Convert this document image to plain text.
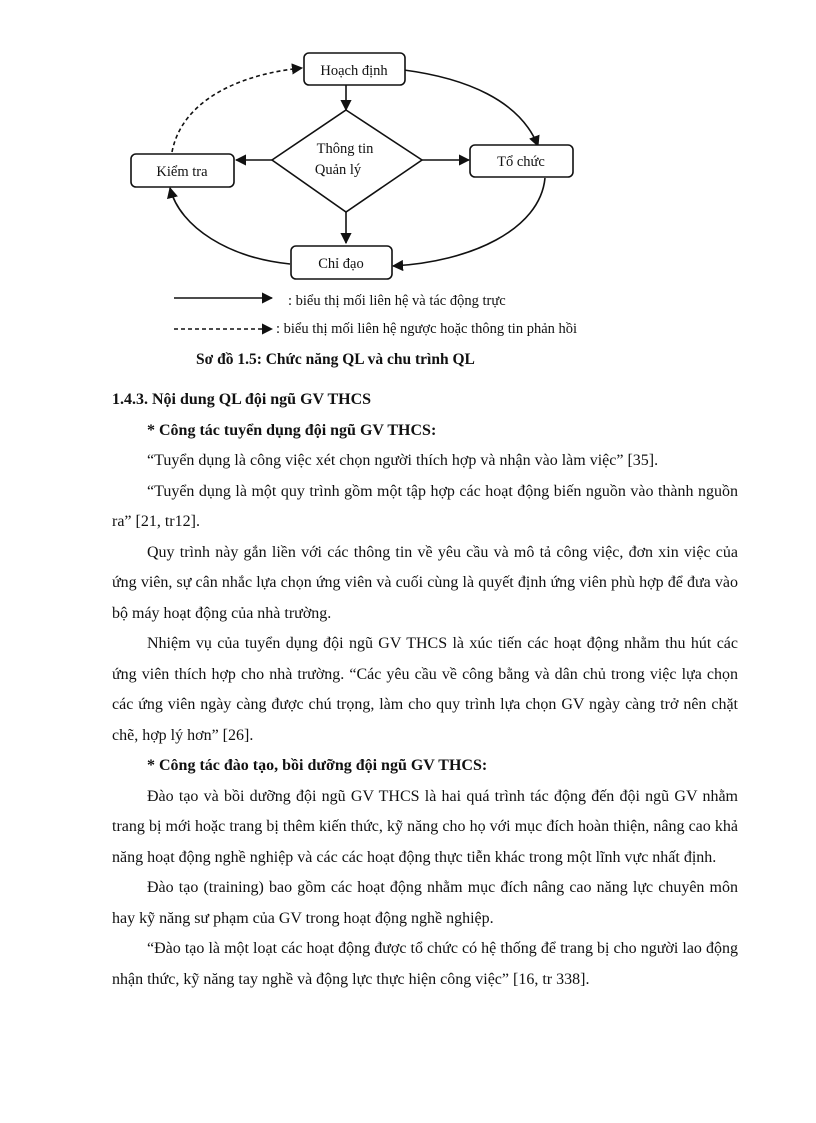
Hoạch định
Tổ chức
Kiểm tra
Chỉ đạo
Thông tin
Quản lý
: biểu thị mối liên hệ và tác động trực
: biểu thị mối liên hệ ngược hoặc thông tin phản hồi
Sơ đồ 1.5: Chức năng QL và chu trình QL

1.4.3. Nội dung QL đội ngũ GV THCS

* Công tác tuyển dụng đội ngũ GV THCS:

“Tuyển dụng là công việc xét chọn người thích hợp và nhận vào làm việc” [35].

“Tuyển dụng là một quy trình gồm một tập hợp các hoạt động biến nguồn vào thành nguồn ra” [21, tr12].

Quy trình này gắn liền với các thông tin về yêu cầu và mô tả công việc, đơn xin việc của ứng viên, sự cân nhắc lựa chọn ứng viên và cuối cùng là quyết định ứng viên phù hợp để đưa vào bộ máy hoạt động của nhà trường.

Nhiệm vụ của tuyển dụng đội ngũ GV THCS là xúc tiến các hoạt động nhằm thu hút các ứng viên thích hợp cho nhà trường. “Các yêu cầu về công bằng và dân chủ trong việc lựa chọn các ứng viên ngày càng được chú trọng, làm cho quy trình lựa chọn GV ngày càng trở nên chặt chẽ, hợp lý hơn” [26].

* Công tác đào tạo, bồi dưỡng đội ngũ GV THCS:

Đào tạo và bồi dưỡng đội ngũ GV THCS là hai quá trình tác động đến đội ngũ GV nhằm trang bị mới hoặc trang bị thêm kiến thức, kỹ năng cho họ với mục đích hoàn thiện, nâng cao khả năng hoạt động nghề nghiệp và các các hoạt động thực tiễn khác trong một lĩnh vực nhất định.

Đào tạo (training) bao gồm các hoạt động nhằm mục đích nâng cao năng lực chuyên môn hay kỹ năng sư phạm của GV trong hoạt động nghề nghiệp.

“Đào tạo là một loạt các hoạt động được tổ chức có hệ thống để trang bị cho người lao động nhận thức, kỹ năng tay nghề và động lực thực hiện công việc” [16, tr 338].
